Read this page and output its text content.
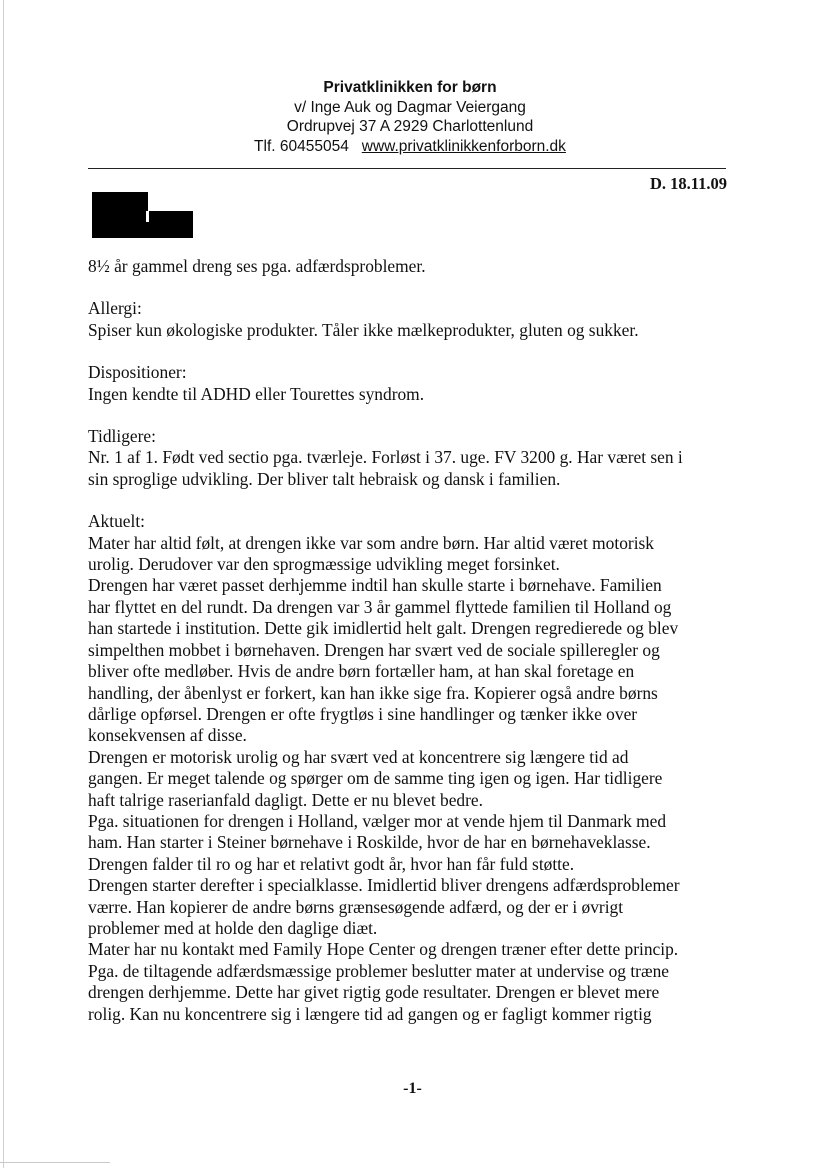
Privatklinikken for børn
v/ Inge Auk og Dagmar Veiergang
Ordrupvej 37 A 2929 Charlottenlund
Tlf. 60455054 www.privatklinikkenforborn.dk
D. 18.11.09

8½ år gammel dreng ses pga. adfærdsproblemer.

Allergi:

Spiser kun økologiske produkter. Tåler ikke mælkeprodukter, gluten og sukker.

Dispositioner:

Ingen kendte til ADHD eller Tourettes syndrom.

Tidligere:

Nr. 1 af 1. Født ved sectio pga. tværleje. Forløst i 37. uge. FV 3200 g. Har været sen i

sin sproglige udvikling. Der bliver talt hebraisk og dansk i familien.

Aktuelt:

Mater har altid følt, at drengen ikke var som andre børn. Har altid været motorisk

urolig. Derudover var den sprogmæssige udvikling meget forsinket.

Drengen har været passet derhjemme indtil han skulle starte i børnehave. Familien

har flyttet en del rundt. Da drengen var 3 år gammel flyttede familien til Holland og

han startede i institution. Dette gik imidlertid helt galt. Drengen regredierede og blev

simpelthen mobbet i børnehaven. Drengen har svært ved de sociale spilleregler og

bliver ofte medløber. Hvis de andre børn fortæller ham, at han skal foretage en

handling, der åbenlyst er forkert, kan han ikke sige fra. Kopierer også andre børns

dårlige opførsel. Drengen er ofte frygtløs i sine handlinger og tænker ikke over

konsekvensen af disse.

Drengen er motorisk urolig og har svært ved at koncentrere sig længere tid ad

gangen. Er meget talende og spørger om de samme ting igen og igen. Har tidligere

haft talrige raserianfald dagligt. Dette er nu blevet bedre.

Pga. situationen for drengen i Holland, vælger mor at vende hjem til Danmark med

ham. Han starter i Steiner børnehave i Roskilde, hvor de har en børnehaveklasse.

Drengen falder til ro og har et relativt godt år, hvor han får fuld støtte.

Drengen starter derefter i specialklasse. Imidlertid bliver drengens adfærdsproblemer

værre. Han kopierer de andre børns grænsesøgende adfærd, og der er i øvrigt

problemer med at holde den daglige diæt.

Mater har nu kontakt med Family Hope Center og drengen træner efter dette princip.

Pga. de tiltagende adfærdsmæssige problemer beslutter mater at undervise og træne

drengen derhjemme. Dette har givet rigtig gode resultater. Drengen er blevet mere

rolig. Kan nu koncentrere sig i længere tid ad gangen og er fagligt kommer rigtig

-1-
